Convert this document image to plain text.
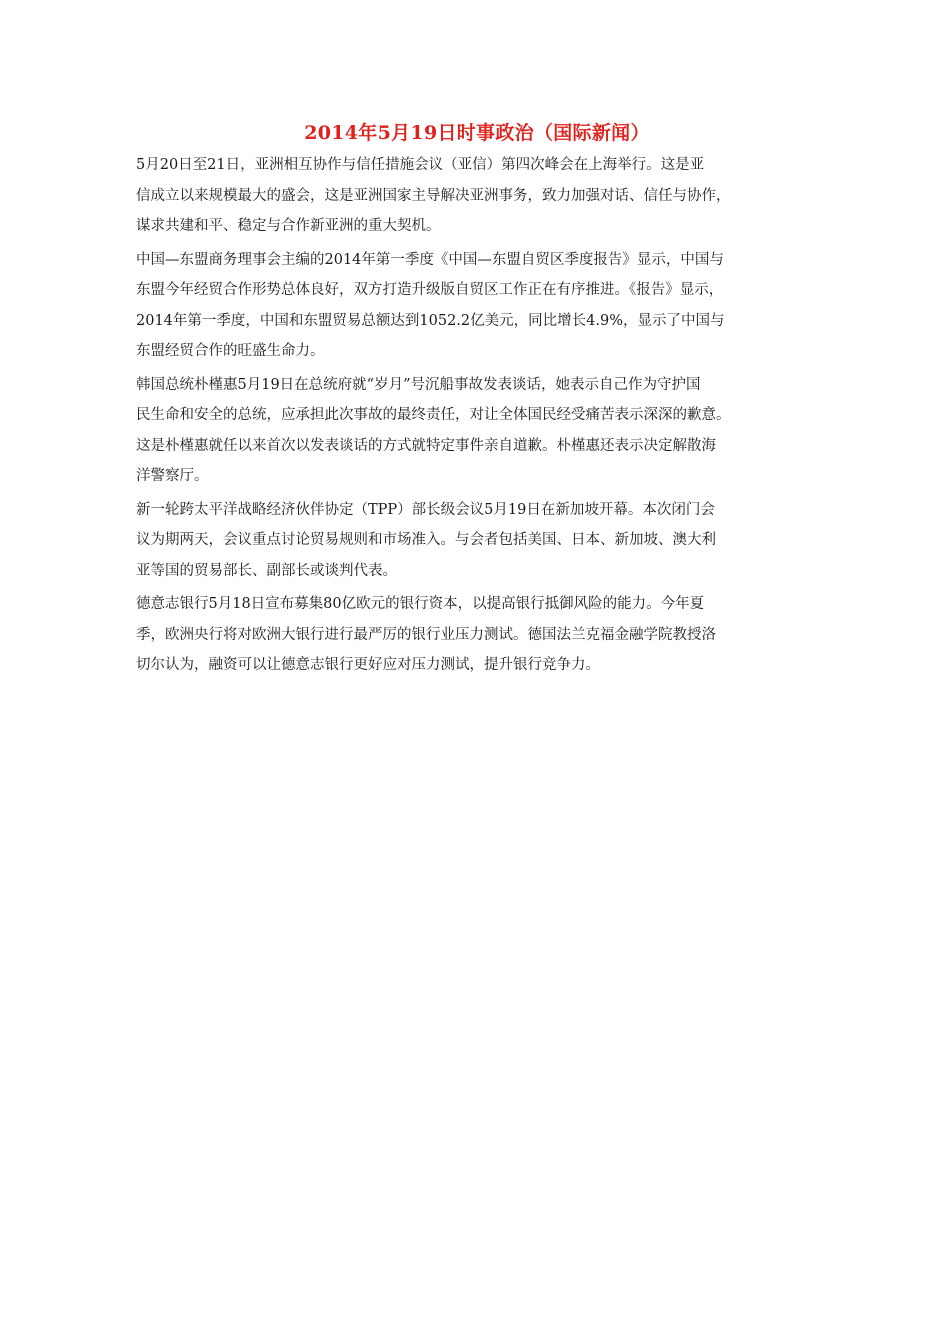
2014年5月19日时事政治（国际新闻）

5月20日至21日，亚洲相互协作与信任措施会议（亚信）第四次峰会在上海举行。这是亚
信成立以来规模最大的盛会，这是亚洲国家主导解决亚洲事务，致力加强对话、信任与协作，
谋求共建和平、稳定与合作新亚洲的重大契机。

中国—东盟商务理事会主编的2014年第一季度《中国—东盟自贸区季度报告》显示，中国与
东盟今年经贸合作形势总体良好，双方打造升级版自贸区工作正在有序推进。《报告》显示，
2014年第一季度，中国和东盟贸易总额达到1052.2亿美元，同比增长4.9%，显示了中国与
东盟经贸合作的旺盛生命力。

韩国总统朴槿惠5月19日在总统府就“岁月”号沉船事故发表谈话，她表示自己作为守护国
民生命和安全的总统，应承担此次事故的最终责任，对让全体国民经受痛苦表示深深的歉意。
这是朴槿惠就任以来首次以发表谈话的方式就特定事件亲自道歉。朴槿惠还表示决定解散海
洋警察厅。

新一轮跨太平洋战略经济伙伴协定（TPP）部长级会议5月19日在新加坡开幕。本次闭门会
议为期两天，会议重点讨论贸易规则和市场准入。与会者包括美国、日本、新加坡、澳大利
亚等国的贸易部长、副部长或谈判代表。

德意志银行5月18日宣布募集80亿欧元的银行资本，以提高银行抵御风险的能力。今年夏
季，欧洲央行将对欧洲大银行进行最严厉的银行业压力测试。德国法兰克福金融学院教授洛
切尔认为，融资可以让德意志银行更好应对压力测试，提升银行竞争力。
